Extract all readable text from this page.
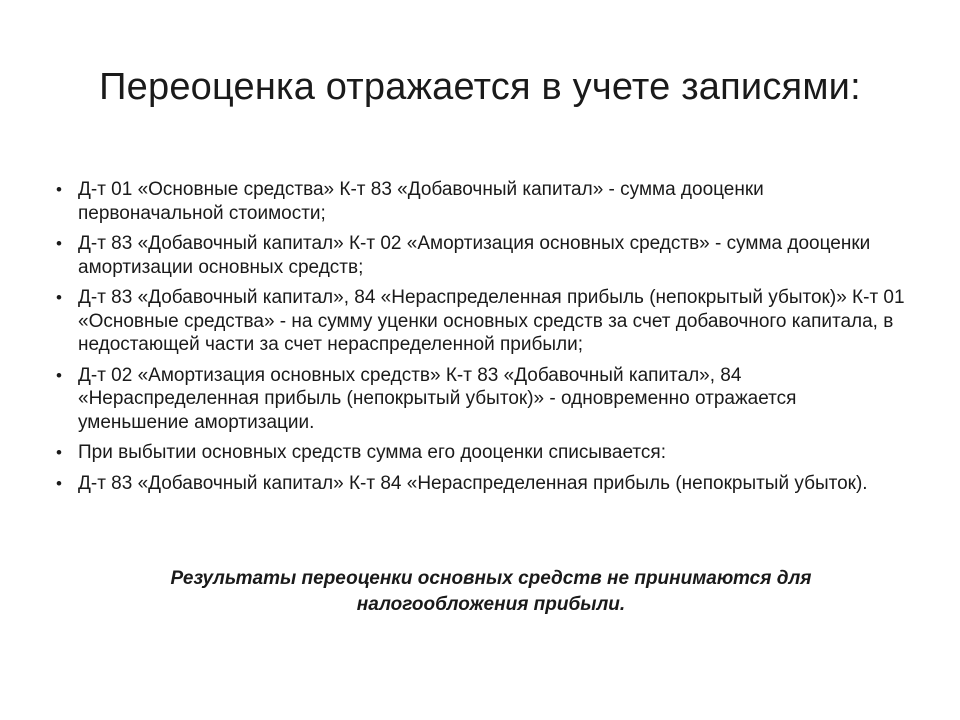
Переоценка отражается в учете записями:
• Д-т 01 «Основные средства» К-т 83 «Добавочный капитал» - сумма дооценки первоначальной стоимости;
• Д-т 83 «Добавочный капитал» К-т 02 «Амортизация основных средств» - сумма дооценки амортизации основных средств;
• Д-т 83 «Добавочный капитал», 84 «Нераспределенная прибыль (непокрытый убыток)» К-т 01 «Основные средства» - на сумму уценки основных средств за счет добавочного капитала, в недостающей части за счет нераспределенной прибыли;
• Д-т 02 «Амортизация основных средств» К-т 83 «Добавочный капитал», 84 «Нераспределенная прибыль (непокрытый убыток)» - одновременно отражается уменьшение амортизации.
• При выбытии основных средств сумма его дооценки списывается:
• Д-т 83 «Добавочный капитал» К-т 84 «Нераспределенная прибыль (непокрытый убыток).

Результаты переоценки основных средств не принимаются для налогообложения прибыли.
